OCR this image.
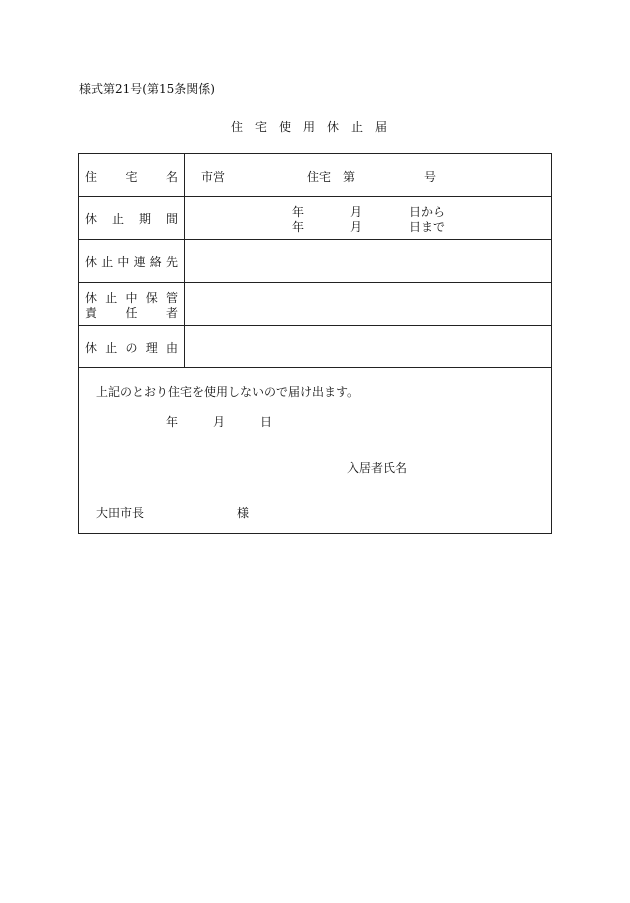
様式第21号(第15条関係)
住宅使用休止届
住 宅 名 市営	住宅　第	号
休 止 期 間	年	月	日から
年	月	日まで
休 止 中 連 絡 先
休 止 中 保 管
責 任 者
休 止 の 理 由
上記のとおり住宅を使用しないので届け出ます。
年	月	日
入居者氏名
大田市長	様
